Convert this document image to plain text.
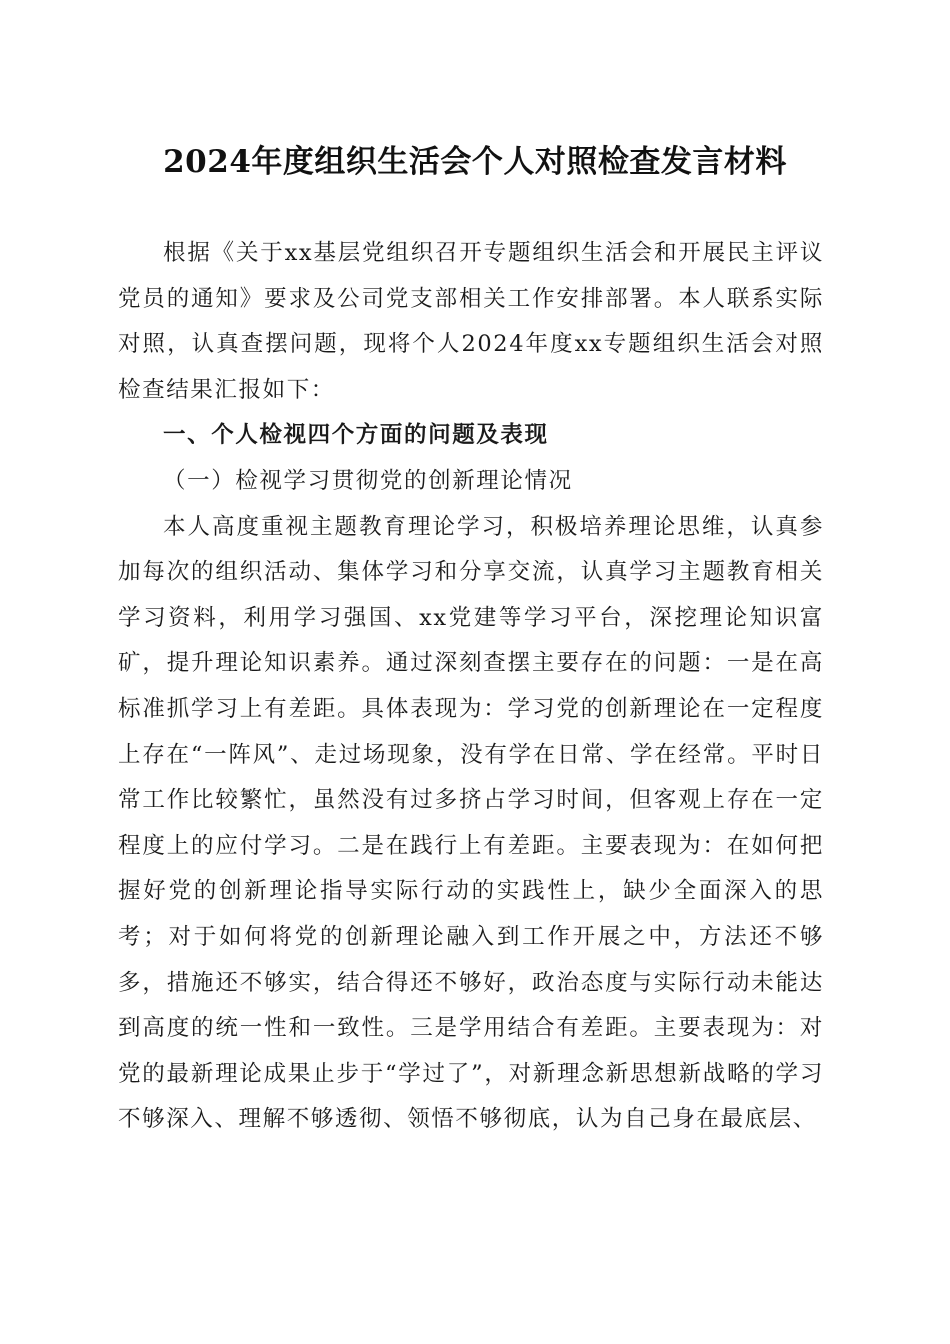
2024年度组织生活会个人对照检查发言材料

根据《关于xx基层党组织召开专题组织生活会和开展民主评议党员的通知》要求及公司党支部相关工作安排部署。本人联系实际对照，认真查摆问题，现将个人2024年度xx专题组织生活会对照检查结果汇报如下：

一、个人检视四个方面的问题及表现

（一）检视学习贯彻党的创新理论情况

本人高度重视主题教育理论学习，积极培养理论思维，认真参加每次的组织活动、集体学习和分享交流，认真学习主题教育相关学习资料，利用学习强国、xx党建等学习平台，深挖理论知识富矿，提升理论知识素养。通过深刻查摆主要存在的问题：一是在高标准抓学习上有差距。具体表现为：学习党的创新理论在一定程度上存在“一阵风”、走过场现象，没有学在日常、学在经常。平时日常工作比较繁忙，虽然没有过多挤占学习时间，但客观上存在一定程度上的应付学习。二是在践行上有差距。主要表现为：在如何把握好党的创新理论指导实际行动的实践性上，缺少全面深入的思考；对于如何将党的创新理论融入到工作开展之中，方法还不够多，措施还不够实，结合得还不够好，政治态度与实际行动未能达到高度的统一性和一致性。三是学用结合有差距。主要表现为：对党的最新理论成果止步于“学过了”，对新理念新思想新战略的学习不够深入、理解不够透彻、领悟不够彻底，认为自己身在最底层、
